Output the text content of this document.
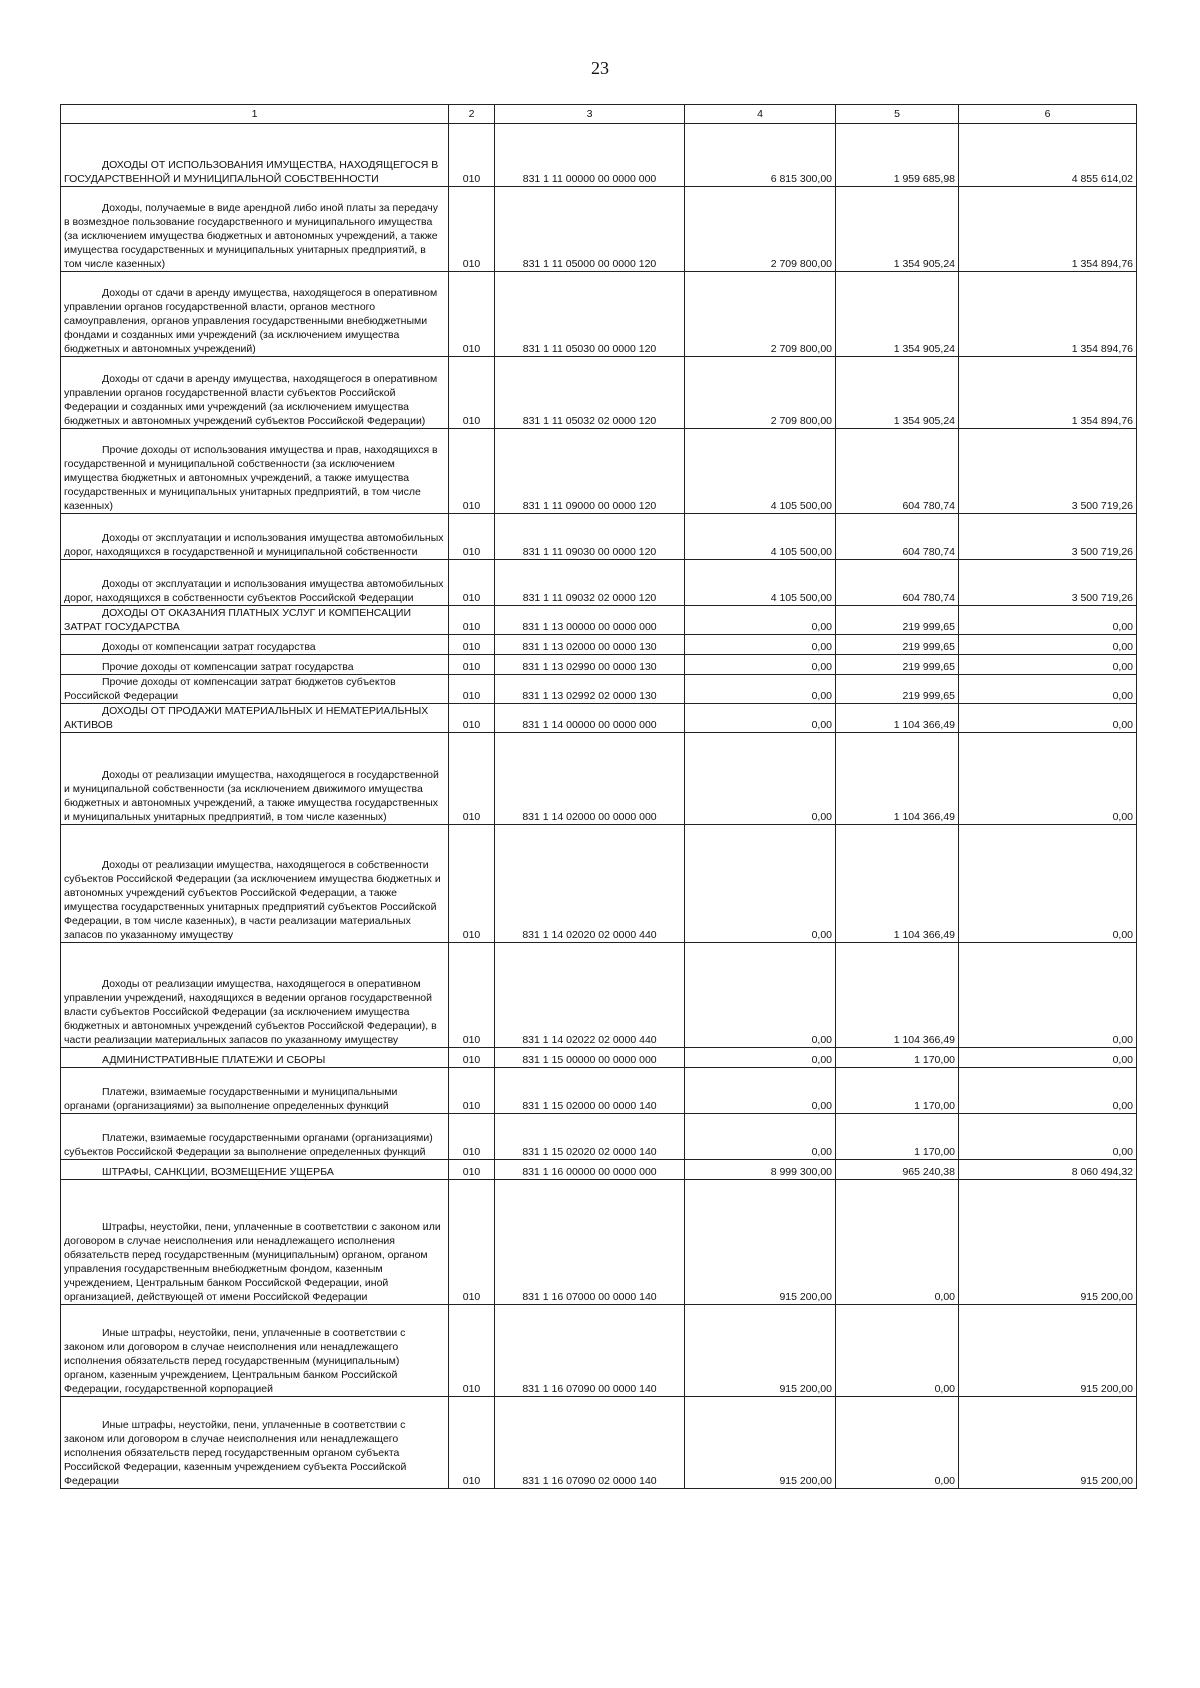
23
1	2	3	4	5	6

ДОХОДЫ ОТ ИСПОЛЬЗОВАНИЯ ИМУЩЕСТВА, НАХОДЯЩЕГОСЯ В ГОСУДАРСТВЕННОЙ И МУНИЦИПАЛЬНОЙ СОБСТВЕННОСТИ	010	831 1 11 00000 00 0000 000	6 815 300,00	1 959 685,98	4 855 614,02

Доходы, получаемые в виде арендной либо иной платы за передачу в возмездное пользование государственного и муниципального имущества (за исключением имущества бюджетных и автономных учреждений, а также имущества государственных и муниципальных унитарных предприятий, в том числе казенных)	010	831 1 11 05000 00 0000 120	2 709 800,00	1 354 905,24	1 354 894,76

Доходы от сдачи в аренду имущества, находящегося в оперативном управлении органов государственной власти, органов местного самоуправления, органов управления государственными внебюджетными фондами и созданных ими учреждений (за исключением имущества бюджетных и автономных учреждений)	010	831 1 11 05030 00 0000 120	2 709 800,00	1 354 905,24	1 354 894,76

Доходы от сдачи в аренду имущества, находящегося в оперативном управлении органов государственной власти субъектов Российской Федерации и созданных ими учреждений (за исключением имущества бюджетных и автономных учреждений субъектов Российской Федерации)	010	831 1 11 05032 02 0000 120	2 709 800,00	1 354 905,24	1 354 894,76

Прочие доходы от использования имущества и прав, находящихся в государственной и муниципальной собственности (за исключением имущества бюджетных и автономных учреждений, а также имущества государственных и муниципальных унитарных предприятий, в том числе казенных)	010	831 1 11 09000 00 0000 120	4 105 500,00	604 780,74	3 500 719,26

Доходы от эксплуатации и использования имущества автомобильных дорог, находящихся в государственной и муниципальной собственности	010	831 1 11 09030 00 0000 120	4 105 500,00	604 780,74	3 500 719,26

Доходы от эксплуатации и использования имущества автомобильных дорог, находящихся в собственности субъектов Российской Федерации	010	831 1 11 09032 02 0000 120	4 105 500,00	604 780,74	3 500 719,26

ДОХОДЫ ОТ ОКАЗАНИЯ ПЛАТНЫХ УСЛУГ И КОМПЕНСАЦИИ ЗАТРАТ ГОСУДАРСТВА	010	831 1 13 00000 00 0000 000	0,00	219 999,65	0,00

Доходы от компенсации затрат государства	010	831 1 13 02000 00 0000 130	0,00	219 999,65	0,00

Прочие доходы от компенсации затрат государства	010	831 1 13 02990 00 0000 130	0,00	219 999,65	0,00

Прочие доходы от компенсации затрат бюджетов субъектов Российской Федерации	010	831 1 13 02992 02 0000 130	0,00	219 999,65	0,00

ДОХОДЫ ОТ ПРОДАЖИ МАТЕРИАЛЬНЫХ И НЕМАТЕРИАЛЬНЫХ АКТИВОВ	010	831 1 14 00000 00 0000 000	0,00	1 104 366,49	0,00

Доходы от реализации имущества, находящегося в государственной и муниципальной собственности (за исключением движимого имущества бюджетных и автономных учреждений, а также имущества государственных и муниципальных унитарных предприятий, в том числе казенных)	010	831 1 14 02000 00 0000 000	0,00	1 104 366,49	0,00

Доходы от реализации имущества, находящегося в собственности субъектов Российской Федерации (за исключением имущества бюджетных и автономных учреждений субъектов Российской Федерации, а также имущества государственных унитарных предприятий субъектов Российской Федерации, в том числе казенных), в части реализации материальных запасов по указанному имуществу	010	831 1 14 02020 02 0000 440	0,00	1 104 366,49	0,00

Доходы от реализации имущества, находящегося в оперативном управлении учреждений, находящихся в ведении органов государственной власти субъектов Российской Федерации (за исключением имущества бюджетных и автономных учреждений субъектов Российской Федерации), в части реализации материальных запасов по указанному имуществу	010	831 1 14 02022 02 0000 440	0,00	1 104 366,49	0,00

АДМИНИСТРАТИВНЫЕ ПЛАТЕЖИ И СБОРЫ	010	831 1 15 00000 00 0000 000	0,00	1 170,00	0,00

Платежи, взимаемые государственными и муниципальными органами (организациями) за выполнение определенных функций	010	831 1 15 02000 00 0000 140	0,00	1 170,00	0,00

Платежи, взимаемые государственными органами (организациями) субъектов Российской Федерации за выполнение определенных функций	010	831 1 15 02020 02 0000 140	0,00	1 170,00	0,00

ШТРАФЫ, САНКЦИИ, ВОЗМЕЩЕНИЕ УЩЕРБА	010	831 1 16 00000 00 0000 000	8 999 300,00	965 240,38	8 060 494,32

Штрафы, неустойки, пени, уплаченные в соответствии с законом или договором в случае неисполнения или ненадлежащего исполнения обязательств перед государственным (муниципальным) органом, органом управления государственным внебюджетным фондом, казенным учреждением, Центральным банком Российской Федерации, иной организацией, действующей от имени Российской Федерации	010	831 1 16 07000 00 0000 140	915 200,00	0,00	915 200,00

Иные штрафы, неустойки, пени, уплаченные в соответствии с законом или договором в случае неисполнения или ненадлежащего исполнения обязательств перед государственным (муниципальным) органом, казенным учреждением, Центральным банком Российской Федерации, государственной корпорацией	010	831 1 16 07090 00 0000 140	915 200,00	0,00	915 200,00

Иные штрафы, неустойки, пени, уплаченные в соответствии с законом или договором в случае неисполнения или ненадлежащего исполнения обязательств перед государственным органом субъекта Российской Федерации, казенным учреждением субъекта Российской Федерации	010	831 1 16 07090 02 0000 140	915 200,00	0,00	915 200,00
